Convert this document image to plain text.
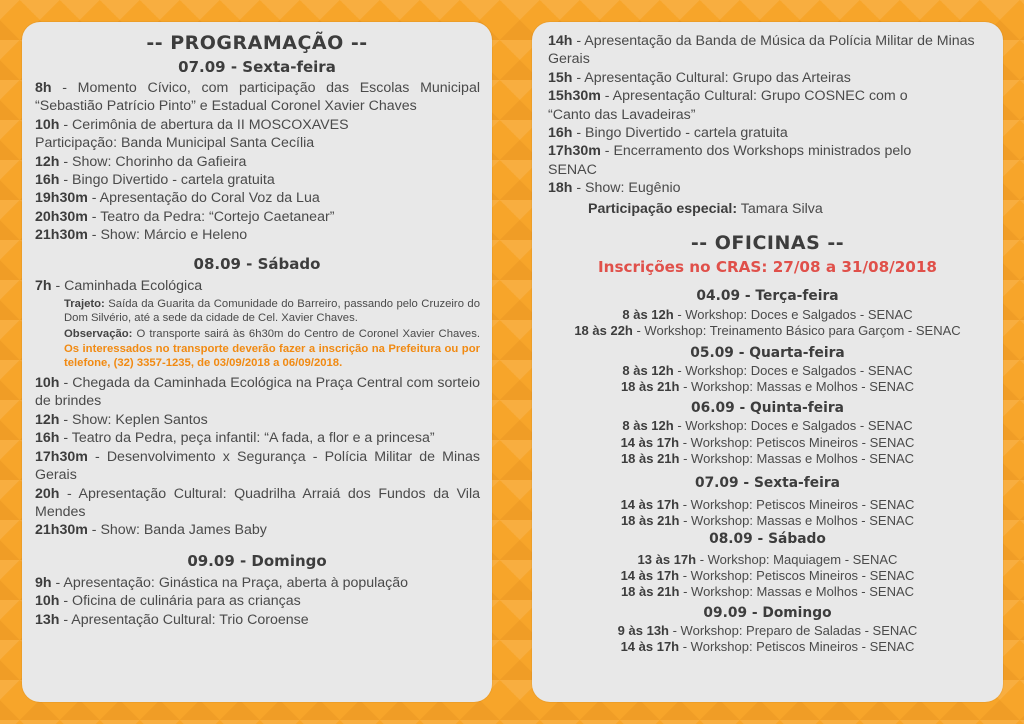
-- PROGRAMAÇÃO --
07.09 - Sexta-feira
8h - Momento Cívico, com participação das Escolas Municipal “Sebastião Patrício Pinto” e Estadual Coronel Xavier Chaves
10h - Cerimônia de abertura da II MOSCOXAVES
Participação: Banda Municipal Santa Cecília
12h - Show: Chorinho da Gafieira
16h - Bingo Divertido - cartela gratuita
19h30m - Apresentação do Coral Voz da Lua
20h30m - Teatro da Pedra: “Cortejo Caetanear”
21h30m - Show: Márcio e Heleno
08.09 - Sábado
7h - Caminhada Ecológica
Trajeto: Saída da Guarita da Comunidade do Barreiro, passando pelo Cruzeiro do Dom Silvério, até a sede da cidade de Cel. Xavier Chaves.
Observação: O transporte sairá às 6h30m do Centro de Coronel Xavier Chaves. Os interessados no transporte deverão fazer a inscrição na Prefeitura ou por telefone, (32) 3357-1235, de 03/09/2018 a 06/09/2018.
10h - Chegada da Caminhada Ecológica na Praça Central com sorteio de brindes
12h - Show: Keplen Santos
16h - Teatro da Pedra, peça infantil: “A fada, a flor e a princesa”
17h30m - Desenvolvimento x Segurança - Polícia Militar de Minas Gerais
20h - Apresentação Cultural: Quadrilha Arraiá dos Fundos da Vila Mendes
21h30m - Show: Banda James Baby
09.09 - Domingo
9h - Apresentação: Ginástica na Praça, aberta à população
10h - Oficina de culinária para as crianças
13h - Apresentação Cultural: Trio Coroense
14h - Apresentação da Banda de Música da Polícia Militar de Minas Gerais
15h - Apresentação Cultural: Grupo das Arteiras
15h30m - Apresentação Cultural: Grupo COSNEC com o “Canto das Lavadeiras”
16h - Bingo Divertido - cartela gratuita
17h30m - Encerramento dos Workshops ministrados pelo SENAC
18h - Show: Eugênio
Participação especial: Tamara Silva
-- OFICINAS --
Inscrições no CRAS: 27/08 a 31/08/2018
04.09 - Terça-feira
8 às 12h - Workshop: Doces e Salgados - SENAC
18 às 22h - Workshop: Treinamento Básico para Garçom - SENAC
05.09 - Quarta-feira
8 às 12h - Workshop: Doces e Salgados - SENAC
18 às 21h - Workshop: Massas e Molhos - SENAC
06.09 - Quinta-feira
8 às 12h - Workshop: Doces e Salgados - SENAC
14 às 17h - Workshop: Petiscos Mineiros - SENAC
18 às 21h - Workshop: Massas e Molhos - SENAC
07.09 - Sexta-feira
14 às 17h - Workshop: Petiscos Mineiros - SENAC
18 às 21h - Workshop: Massas e Molhos - SENAC
08.09 - Sábado
13 às 17h - Workshop: Maquiagem - SENAC
14 às 17h - Workshop: Petiscos Mineiros - SENAC
18 às 21h - Workshop: Massas e Molhos - SENAC
09.09 - Domingo
9 às 13h - Workshop: Preparo de Saladas - SENAC
14 às 17h - Workshop: Petiscos Mineiros - SENAC
